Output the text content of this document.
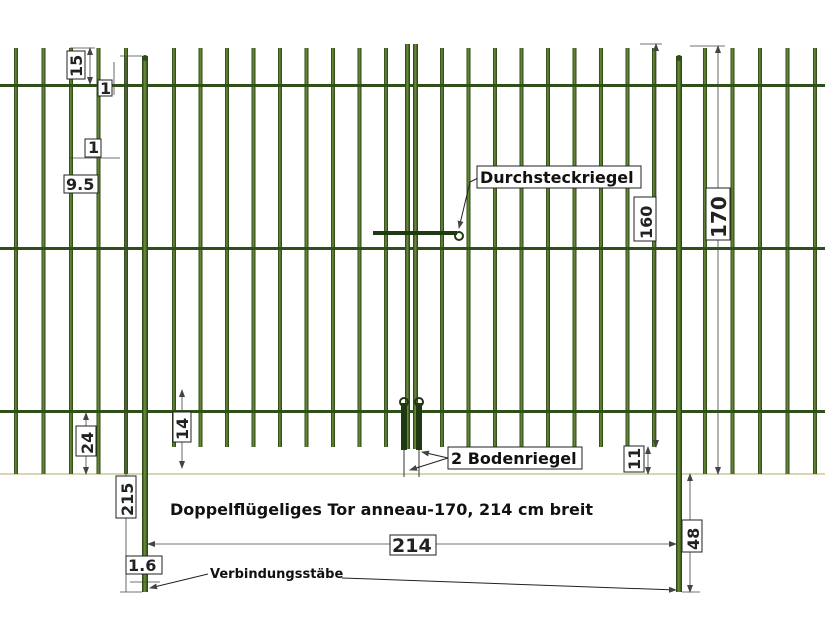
15
1
1
9.5
24
14
215
1.6
214
160	170
11
48
Durchsteckriegel
2 Bodenriegel
Verbindungsstäbe
Doppelflügeliges Tor anneau-170, 214 cm breit
